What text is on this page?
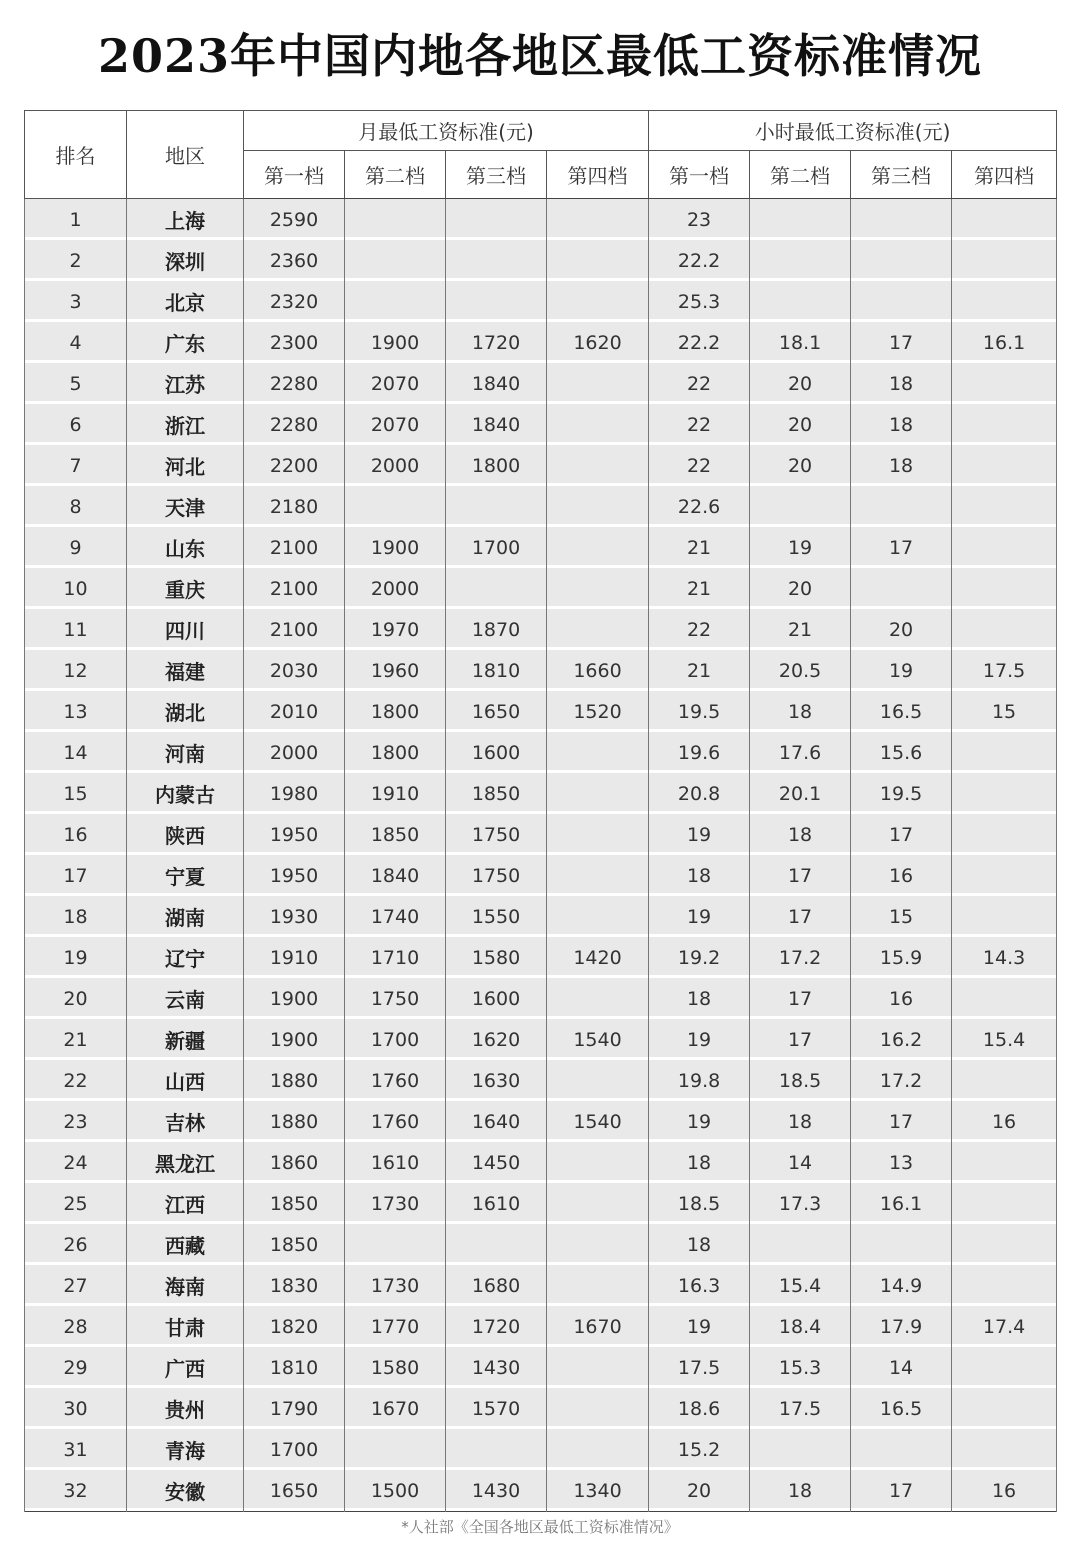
2023年中国内地各地区最低工资标准情况
排名	地区	月最低工资标准(元)				小时最低工资标准(元)			
		第一档	第二档	第三档	第四档	第一档	第二档	第三档	第四档
1	上海	2590				23			
2	深圳	2360				22.2			
3	北京	2320				25.3			
4	广东	2300	1900	1720	1620	22.2	18.1	17	16.1
5	江苏	2280	2070	1840		22	20	18	
6	浙江	2280	2070	1840		22	20	18	
7	河北	2200	2000	1800		22	20	18	
8	天津	2180				22.6			
9	山东	2100	1900	1700		21	19	17	
10	重庆	2100	2000			21	20		
11	四川	2100	1970	1870		22	21	20	
12	福建	2030	1960	1810	1660	21	20.5	19	17.5
13	湖北	2010	1800	1650	1520	19.5	18	16.5	15
14	河南	2000	1800	1600		19.6	17.6	15.6	
15	内蒙古	1980	1910	1850		20.8	20.1	19.5	
16	陕西	1950	1850	1750		19	18	17	
17	宁夏	1950	1840	1750		18	17	16	
18	湖南	1930	1740	1550		19	17	15	
19	辽宁	1910	1710	1580	1420	19.2	17.2	15.9	14.3
20	云南	1900	1750	1600		18	17	16	
21	新疆	1900	1700	1620	1540	19	17	16.2	15.4
22	山西	1880	1760	1630		19.8	18.5	17.2	
23	吉林	1880	1760	1640	1540	19	18	17	16
24	黑龙江	1860	1610	1450		18	14	13	
25	江西	1850	1730	1610		18.5	17.3	16.1	
26	西藏	1850				18			
27	海南	1830	1730	1680		16.3	15.4	14.9	
28	甘肃	1820	1770	1720	1670	19	18.4	17.9	17.4
29	广西	1810	1580	1430		17.5	15.3	14	
30	贵州	1790	1670	1570		18.6	17.5	16.5	
31	青海	1700				15.2			
32	安徽	1650	1500	1430	1340	20	18	17	16
*人社部《全国各地区最低工资标准情况》
